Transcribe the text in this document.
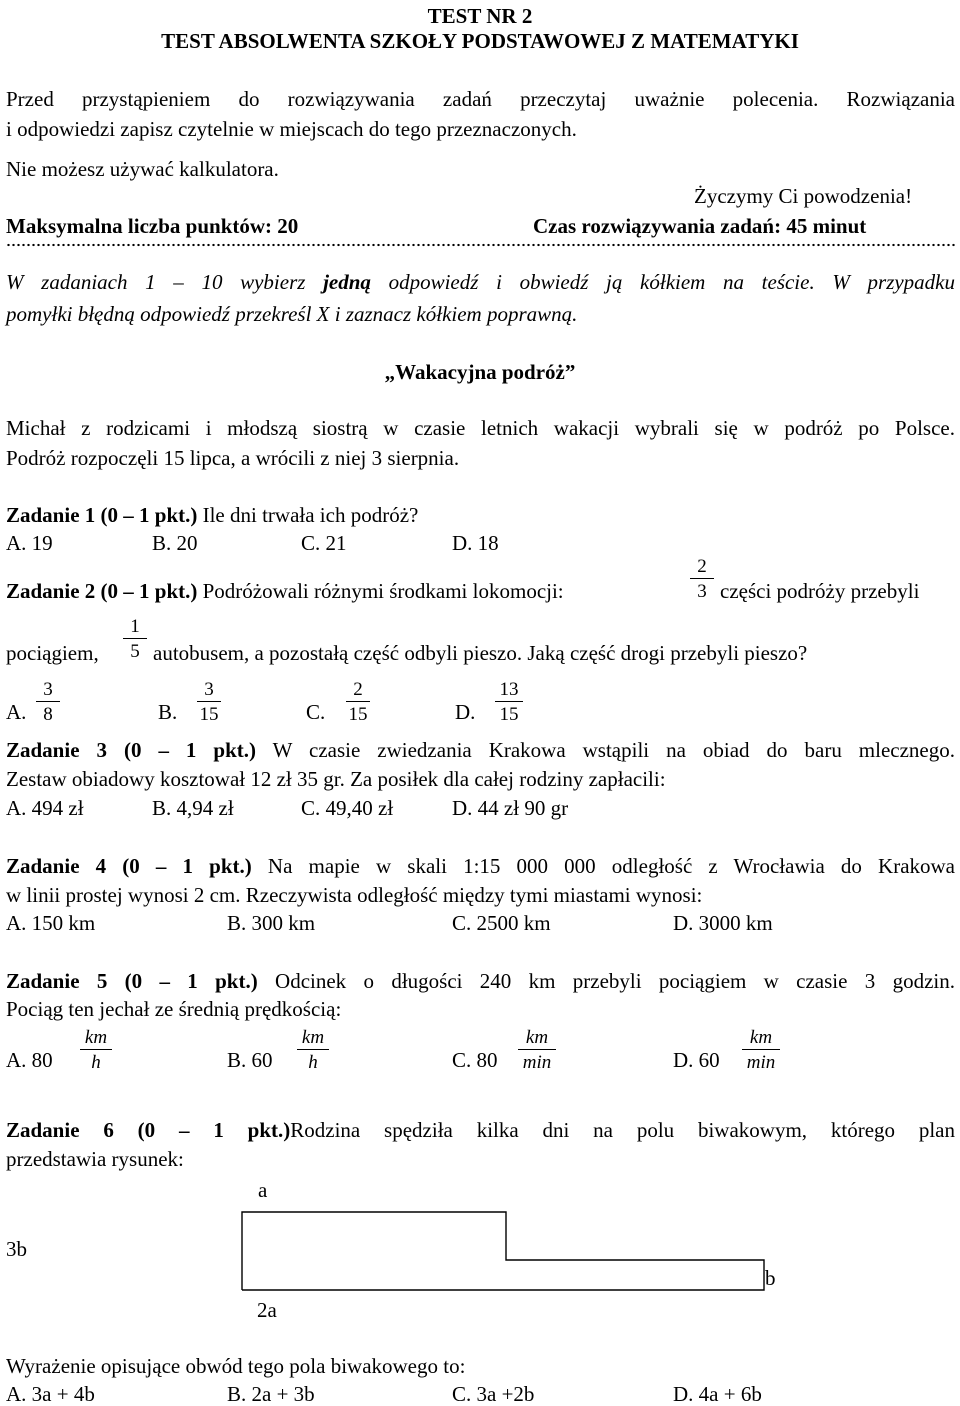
TEST NR 2
TEST ABSOLWENTA SZKOŁY PODSTAWOWEJ Z MATEMATYKI
Przed przystąpieniem do rozwiązywania zadań przeczytaj uważnie polecenia. Rozwiązania
i odpowiedzi zapisz czytelnie w miejscach do tego przeznaczonych.
Nie możesz używać kalkulatora.
Życzymy Ci powodzenia!
Maksymalna liczba punktów: 20	Czas rozwiązywania zadań: 45 minut
W zadaniach 1 – 10 wybierz jedną odpowiedź i obwiedź ją kółkiem na teście. W przypadku
pomyłki błędną odpowiedź przekreśl X i zaznacz kółkiem poprawną.
„Wakacyjna podróż”
Michał z rodzicami i młodszą siostrą w czasie letnich wakacji wybrali się w podróż po Polsce.
Podróż rozpoczęli 15 lipca, a wrócili z niej 3 sierpnia.
Zadanie 1 (0 – 1 pkt.) Ile dni trwała ich podróż?
A. 19	B. 20	C. 21	D. 18
Zadanie 2 (0 – 1 pkt.) Podróżowali różnymi środkami lokomocji:
2
3 części podróży przebyli
pociągiem,
1
5 autobusem, a pozostałą część odbyli pieszo. Jaką część drogi przebyli pieszo?
A.
3
8	B.
3
15	C.
2
15	D.
13
15
Zadanie 3 (0 – 1 pkt.) W czasie zwiedzania Krakowa wstąpili na obiad do baru mlecznego.
Zestaw obiadowy kosztował 12 zł 35 gr. Za posiłek dla całej rodziny zapłacili:
A. 494 zł	B. 4,94 zł	C. 49,40 zł	D. 44 zł 90 gr
Zadanie 4 (0 – 1 pkt.) Na mapie w skali 1:15 000 000 odległość z Wrocławia do Krakowa
w linii prostej wynosi 2 cm. Rzeczywista odległość między tymi miastami wynosi:
A. 150 km	B. 300 km	C. 2500 km	D. 3000 km
Zadanie 5 (0 – 1 pkt.) Odcinek o długości 240 km przebyli pociągiem w czasie 3 godzin.
Pociąg ten jechał ze średnią prędkością:
A. 80
km
h	B. 60
km
h	C. 80
km
min	D. 60
km
min
Zadanie 6 (0 – 1 pkt.)Rodzina spędziła kilka dni na polu biwakowym, którego plan
przedstawia rysunek:
a
3b
b
2a
Wyrażenie opisujące obwód tego pola biwakowego to:
A. 3a + 4b	B. 2a + 3b	C. 3a +2b	D. 4a + 6b
